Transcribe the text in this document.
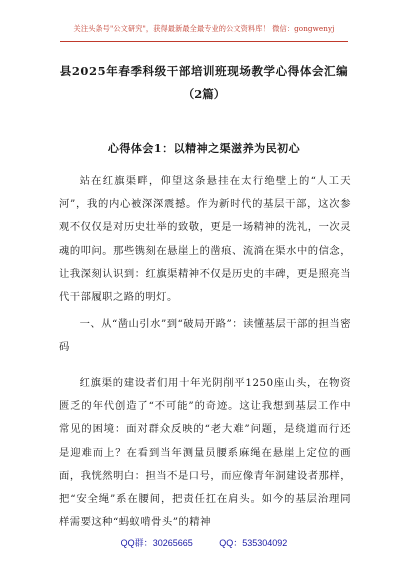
关注头条号"公文研究"，获得最新最全最专业的公文资料库！ 微信：gongwenyj
县2025年春季科级干部培训班现场教学心得体会汇编
（2篇）
心得体会1：以精神之渠滋养为民初心

站在红旗渠畔，仰望这条悬挂在太行绝壁上的“人工天河”，我的内心被深深震撼。作为新时代的基层干部，这次参观不仅仅是对历史壮举的致敬，更是一场精神的洗礼，一次灵魂的叩问。那些镌刻在悬崖上的凿痕、流淌在渠水中的信念，让我深刻认识到：红旗渠精神不仅是历史的丰碑，更是照亮当代干部履职之路的明灯。

一、从“凿山引水”到“破局开路”：读懂基层干部的担当密码

红旗渠的建设者们用十年光阴削平1250座山头，在物资匮乏的年代创造了“不可能”的奇迹。这让我想到基层工作中常见的困境：面对群众反映的“老大难”问题，是绕道而行还是迎难而上？在看到当年测量员腰系麻绳在悬崖上定位的画面，我恍然明白：担当不是口号，而应像青年洞建设者那样，把“安全绳”系在腰间，把责任扛在肩头。如今的基层治理同样需要这种“蚂蚁啃骨头”的精神

QQ群：30265665	QQ：535304092
